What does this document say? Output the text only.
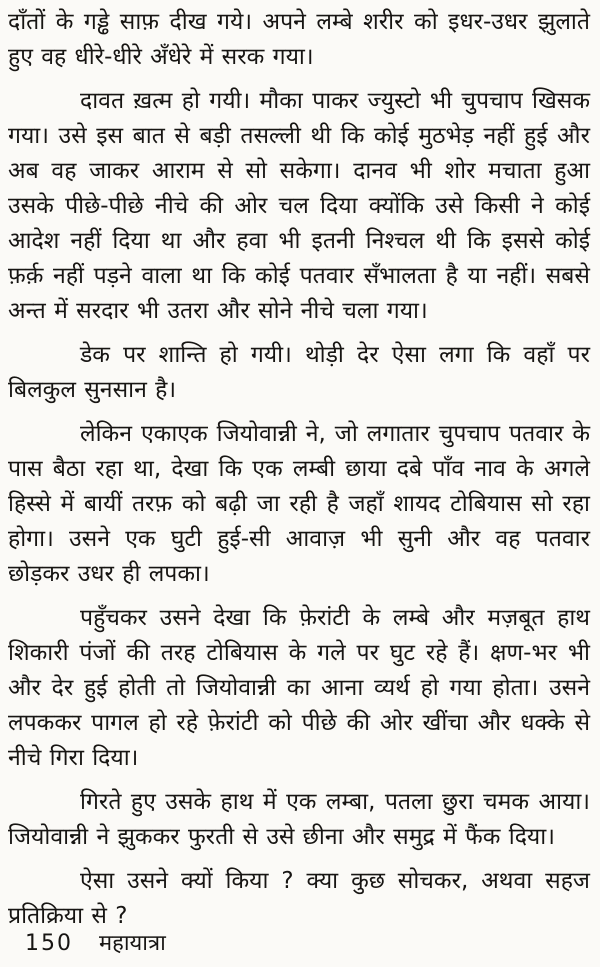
दाँतों के गड्ढे साफ़ दीख गये। अपने लम्बे शरीर को इधर-उधर झुलाते हुए वह धीरे-धीरे अँधेरे में सरक गया।

दावत ख़त्म हो गयी। मौका पाकर ज्युस्टो भी चुपचाप खिसक गया। उसे इस बात से बड़ी तसल्ली थी कि कोई मुठभेड़ नहीं हुई और अब वह जाकर आराम से सो सकेगा। दानव भी शोर मचाता हुआ उसके पीछे-पीछे नीचे की ओर चल दिया क्योंकि उसे किसी ने कोई आदेश नहीं दिया था और हवा भी इतनी निश्चल थी कि इससे कोई फ़र्क़ नहीं पड़ने वाला था कि कोई पतवार सँभालता है या नहीं। सबसे अन्त में सरदार भी उतरा और सोने नीचे चला गया।

डेक पर शान्ति हो गयी। थोड़ी देर ऐसा लगा कि वहाँ पर बिलकुल सुनसान है।

लेकिन एकाएक जियोवान्नी ने, जो लगातार चुपचाप पतवार के पास बैठा रहा था, देखा कि एक लम्बी छाया दबे पाँव नाव के अगले हिस्से में बायीं तरफ़ को बढ़ी जा रही है जहाँ शायद टोबियास सो रहा होगा। उसने एक घुटी हुई-सी आवाज़ भी सुनी और वह पतवार छोड़कर उधर ही लपका।

पहुँचकर उसने देखा कि फ़ेरांटी के लम्बे और मज़बूत हाथ शिकारी पंजों की तरह टोबियास के गले पर घुट रहे हैं। क्षण-भर भी और देर हुई होती तो जियोवान्नी का आना व्यर्थ हो गया होता। उसने लपककर पागल हो रहे फ़ेरांटी को पीछे की ओर खींचा और धक्के से नीचे गिरा दिया।

गिरते हुए उसके हाथ में एक लम्बा, पतला छुरा चमक आया। जियोवान्नी ने झुककर फुरती से उसे छीना और समुद्र में फैंक दिया।

ऐसा उसने क्यों किया ? क्या कुछ सोचकर, अथवा सहज प्रतिक्रिया से ?

150 महायात्रा
